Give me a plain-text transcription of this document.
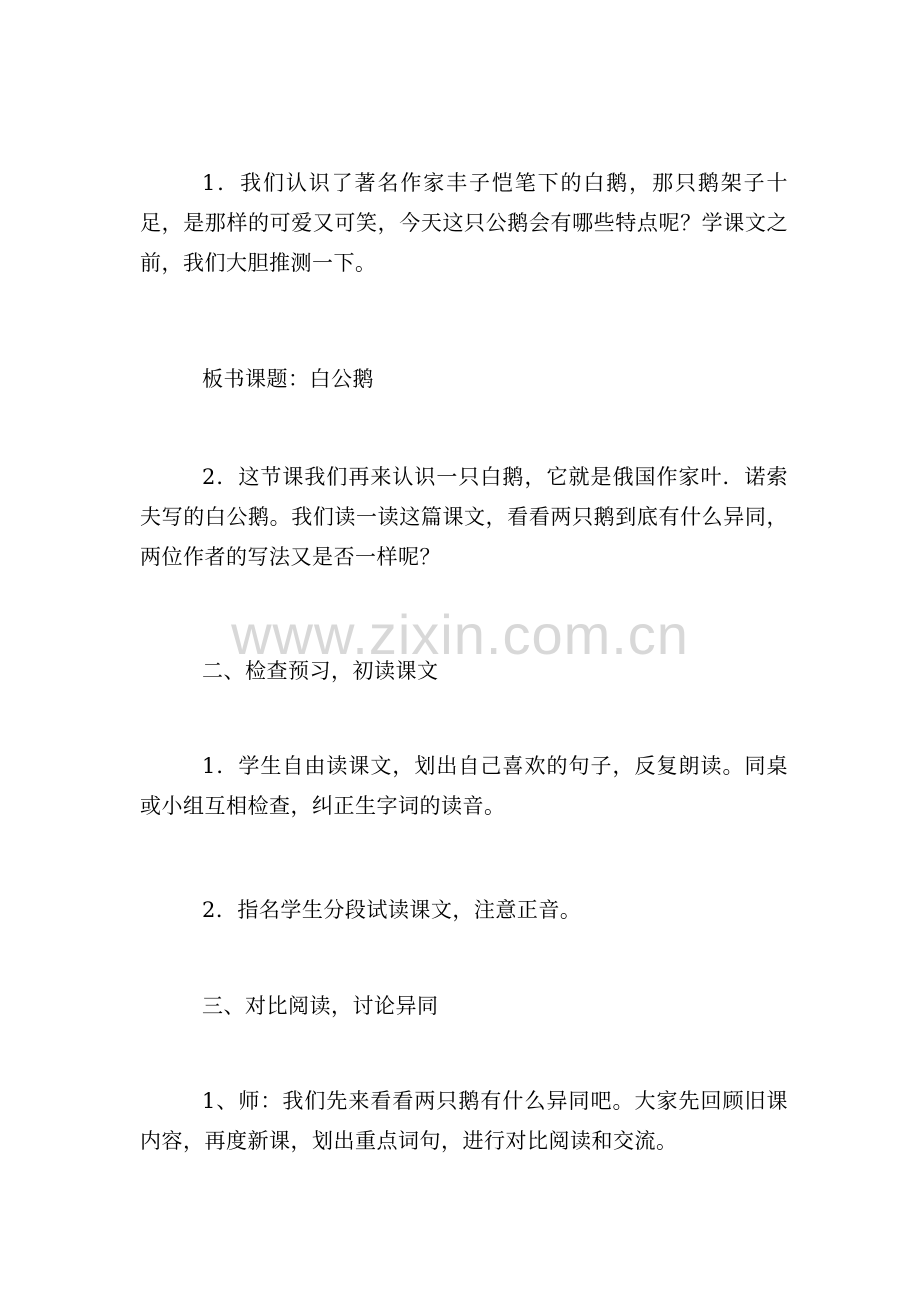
1．我们认识了著名作家丰子恺笔下的白鹅，那只鹅架子十足，是那样的可爱又可笑，今天这只公鹅会有哪些特点呢？学课文之前，我们大胆推测一下。

板书课题：白公鹅

2．这节课我们再来认识一只白鹅，它就是俄国作家叶．诺索夫写的白公鹅。我们读一读这篇课文，看看两只鹅到底有什么异同，两位作者的写法又是否一样呢？

二、检查预习，初读课文

1．学生自由读课文，划出自己喜欢的句子，反复朗读。同桌或小组互相检查，纠正生字词的读音。

2．指名学生分段试读课文，注意正音。

三、对比阅读，讨论异同

1、师：我们先来看看两只鹅有什么异同吧。大家先回顾旧课内容，再度新课，划出重点词句，进行对比阅读和交流。

www.zixin.com.cn
